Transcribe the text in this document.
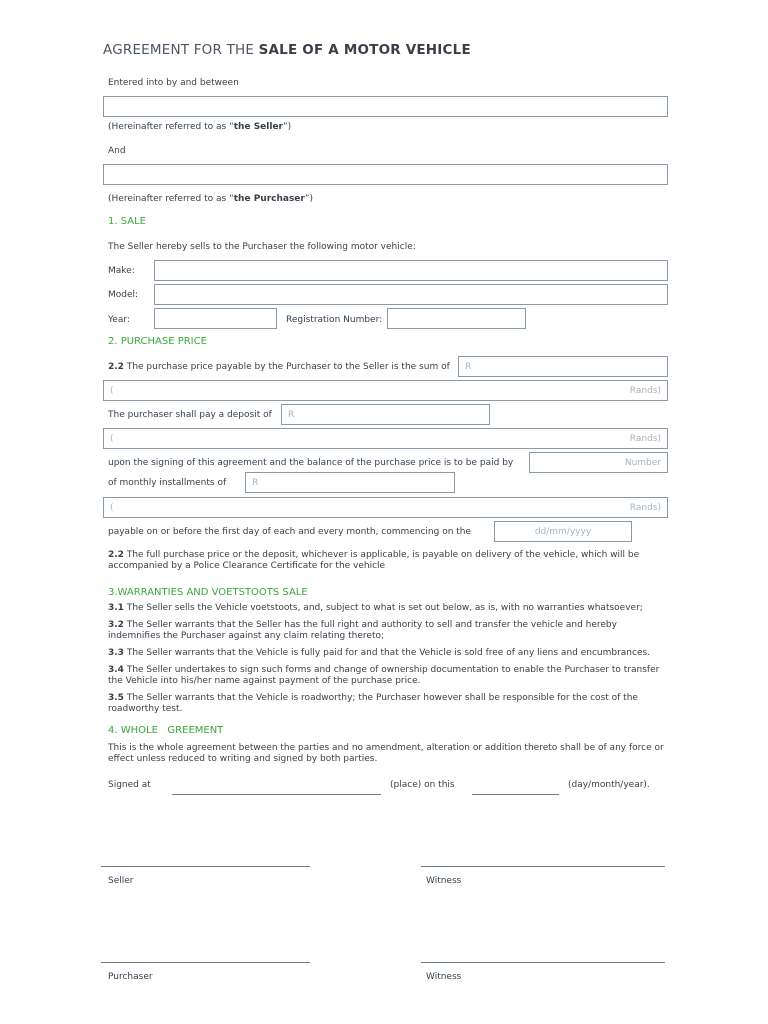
AGREEMENT FOR THE SALE OF A MOTOR VEHICLE
Entered into by and between
(Hereinafter referred to as “the Seller”)
And
(Hereinafter referred to as “the Purchaser”)
1. SALE
The Seller hereby sells to the Purchaser the following motor vehicle:
Make:
Model:
Year:	Registration Number:
2. PURCHASE PRICE
2.2 The purchase price payable by the Purchaser to the Seller is the sum of R
(	Rands)
The purchaser shall pay a deposit of R
(	Rands)
upon the signing of this agreement and the balance of the purchase price is to be paid by	Number
of monthly installments of	R
(	Rands)
payable on or before the first day of each and every month, commencing on the	dd/mm/yyyy
2.2 The full purchase price or the deposit, whichever is applicable, is payable on delivery of the vehicle, which will be accompanied by a Police Clearance Certificate for the vehicle
3.WARRANTIES AND VOETSTOOTS SALE
3.1 The Seller sells the Vehicle voetstoots, and, subject to what is set out below, as is, with no warranties whatsoever;
3.2 The Seller warrants that the Seller has the full right and authority to sell and transfer the vehicle and hereby indemnifies the Purchaser against any claim relating thereto;
3.3 The Seller warrants that the Vehicle is fully paid for and that the Vehicle is sold free of any liens and encumbrances.
3.4 The Seller undertakes to sign such forms and change of ownership documentation to enable the Purchaser to transfer the Vehicle into his/her name against payment of the purchase price.
3.5 The Seller warrants that the Vehicle is roadworthy; the Purchaser however shall be responsible for the cost of the roadworthy test.
4. WHOLE   GREEMENT
This is the whole agreement between the parties and no amendment, alteration or addition thereto shall be of any force or effect unless reduced to writing and signed by both parties.
Signed at	(place) on this	(day/month/year).
Seller	Witness
Purchaser	Witness
